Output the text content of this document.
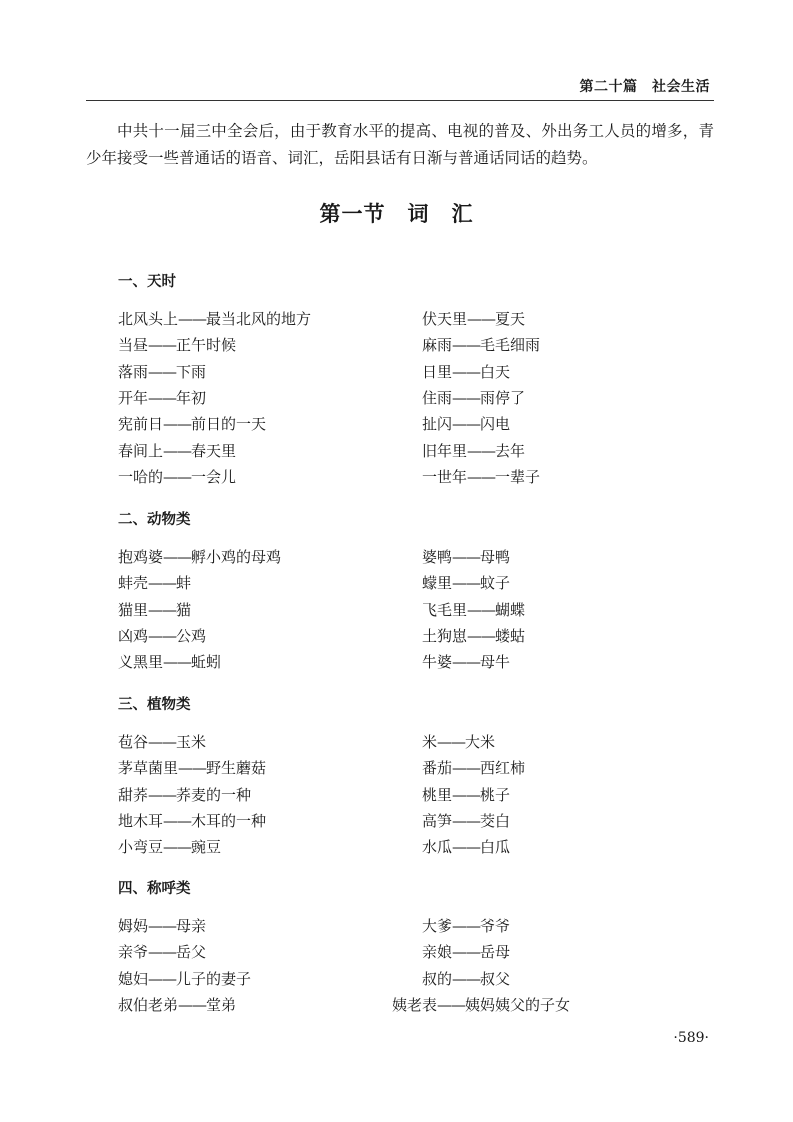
第二十篇　社会生活
中共十一届三中全会后，由于教育水平的提高、电视的普及、外出务工人员的增多，青少年接受一些普通话的语音、词汇，岳阳县话有日渐与普通话同话的趋势。
第一节　词　汇
一、天时
北风头上——最当北风的地方
当昼——正午时候
落雨——下雨
开年——年初
宪前日——前日的一天
春间上——春天里
一哈的——一会儿
伏天里——夏天
麻雨——毛毛细雨
日里——白天
住雨——雨停了
扯闪——闪电
旧年里——去年
一世年——一辈子
二、动物类
抱鸡婆——孵小鸡的母鸡
蚌壳——蚌
猫里——猫
凶鸡——公鸡
义黑里——蚯蚓
婆鸭——母鸭
蠓里——蚊子
飞毛里——蝴蝶
土狗崽——蝼蛄
牛婆——母牛
三、植物类
苞谷——玉米
茅草菌里——野生蘑菇
甜荞——荞麦的一种
地木耳——木耳的一种
小弯豆——豌豆
米——大米
番茄——西红柿
桃里——桃子
高笋——茭白
水瓜——白瓜
四、称呼类
姆妈——母亲
亲爷——岳父
媳妇——儿子的妻子
叔伯老弟——堂弟
大爹——爷爷
亲娘——岳母
叔的——叔父
姨老表——姨妈姨父的子女
·589·
